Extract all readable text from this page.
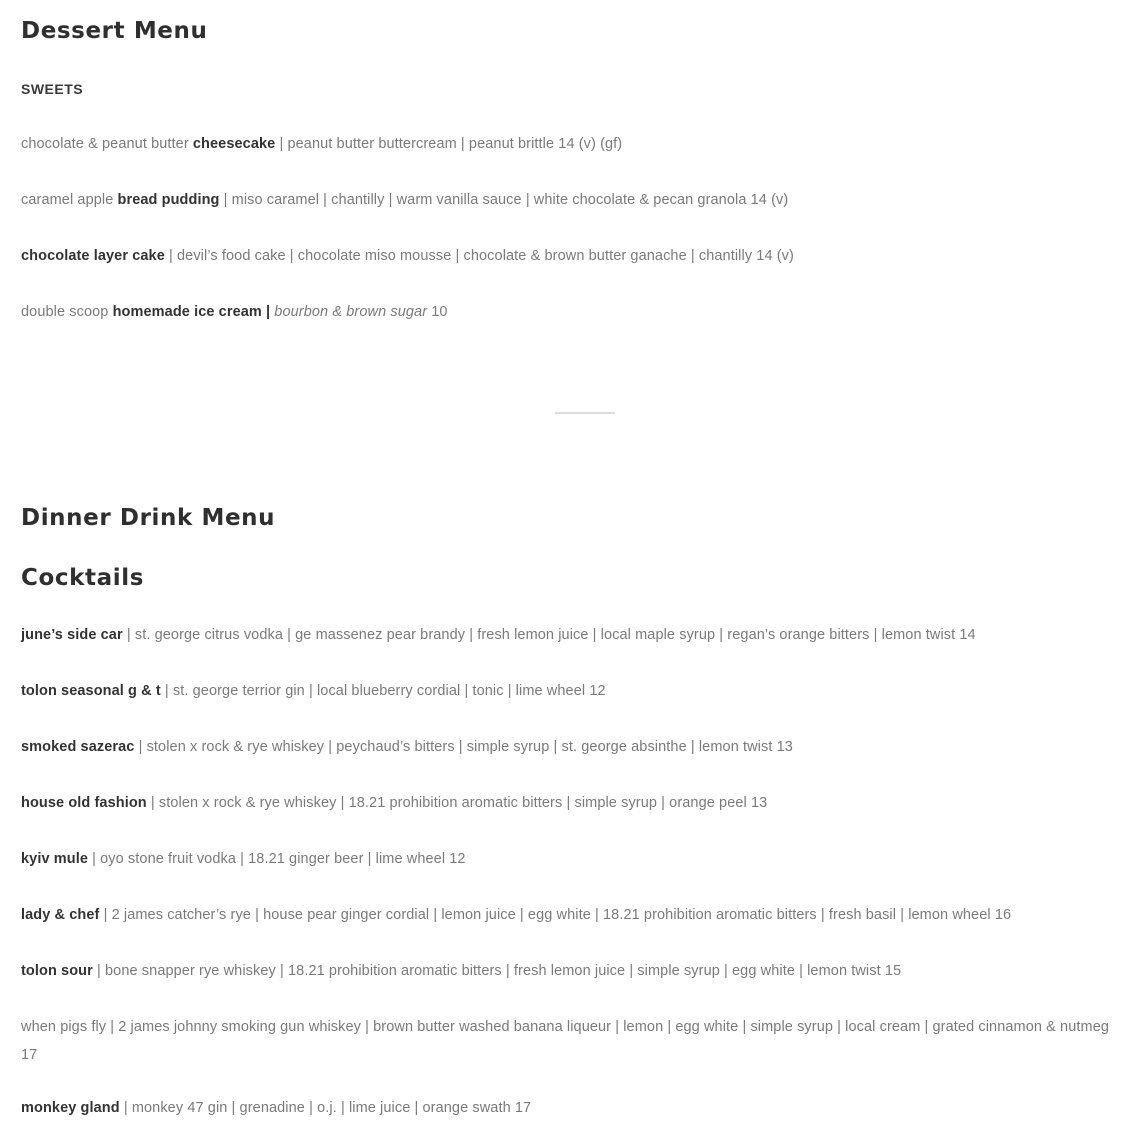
Dessert Menu
SWEETS
chocolate & peanut butter cheesecake | peanut butter buttercream | peanut brittle 14 (v) (gf)
caramel apple bread pudding | miso caramel | chantilly | warm vanilla sauce | white chocolate & pecan granola 14 (v)
chocolate layer cake | devil’s food cake | chocolate miso mousse | chocolate & brown butter ganache | chantilly 14 (v)
double scoop homemade ice cream | bourbon & brown sugar 10
Dinner Drink Menu
Cocktails
june’s side car | st. george citrus vodka | ge massenez pear brandy | fresh lemon juice | local maple syrup | regan’s orange bitters | lemon twist 14
tolon seasonal g & t | st. george terrior gin | local blueberry cordial | tonic | lime wheel 12
smoked sazerac | stolen x rock & rye whiskey | peychaud’s bitters | simple syrup | st. george absinthe | lemon twist 13
house old fashion | stolen x rock & rye whiskey | 18.21 prohibition aromatic bitters | simple syrup | orange peel 13
kyiv mule | oyo stone fruit vodka | 18.21 ginger beer | lime wheel 12
lady & chef | 2 james catcher’s rye | house pear ginger cordial | lemon juice | egg white | 18.21 prohibition aromatic bitters | fresh basil | lemon wheel 16
tolon sour | bone snapper rye whiskey | 18.21 prohibition aromatic bitters | fresh lemon juice | simple syrup | egg white | lemon twist 15
when pigs fly | 2 james johnny smoking gun whiskey | brown butter washed banana liqueur | lemon | egg white | simple syrup | local cream | grated cinnamon & nutmeg 17
monkey gland | monkey 47 gin | grenadine | o.j. | lime juice | orange swath 17
